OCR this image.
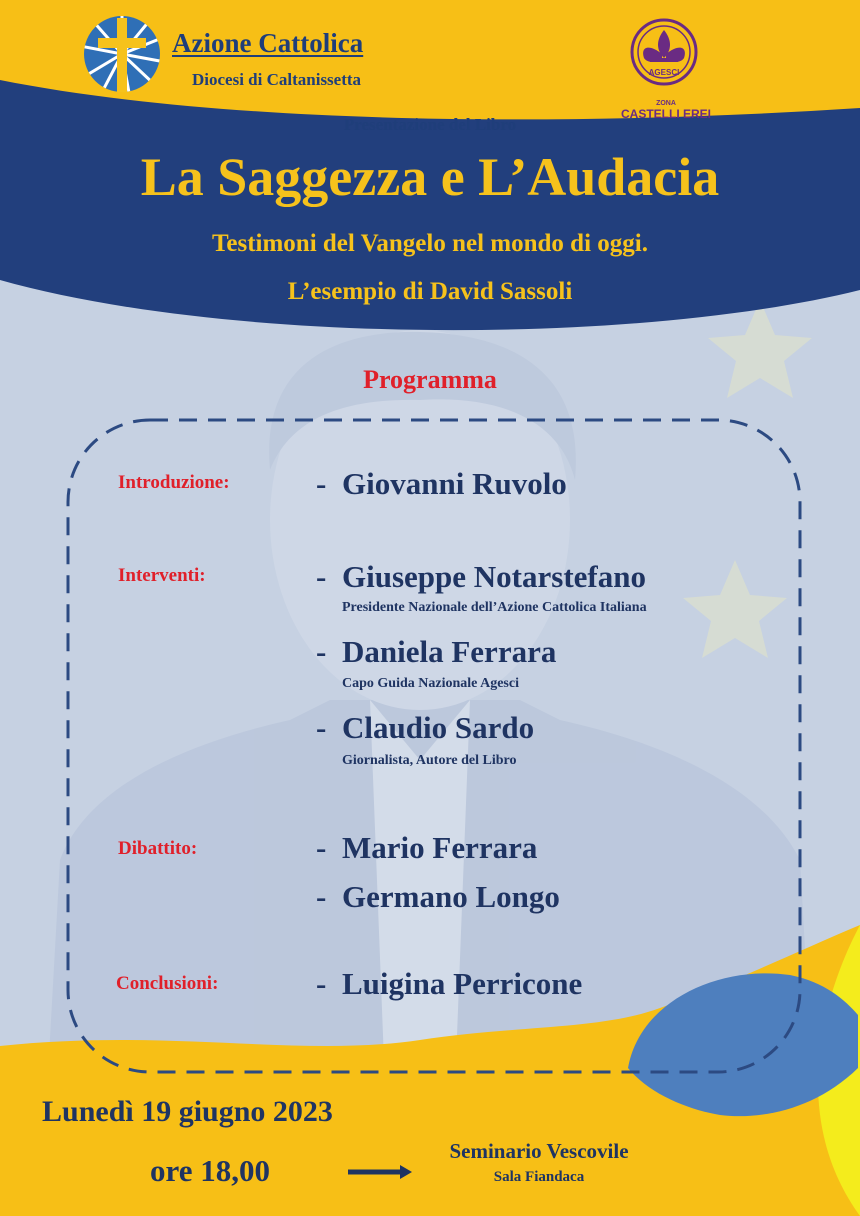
AGESCI
Azione Cattolica
Diocesi di Caltanissetta
ZONA
CASTELLI EREI
Presentazione del Libro
La Saggezza e L’Audacia
Testimoni del Vangelo nel mondo di oggi.
L’esempio di David Sassoli
Programma
Introduzione:	- Giovanni Ruvolo
Interventi:	- Giuseppe Notarstefano
Presidente Nazionale dell’Azione Cattolica Italiana
- Daniela Ferrara
Capo Guida Nazionale Agesci
- Claudio Sardo
Giornalista, Autore del Libro
Dibattito:	- Mario Ferrara
- Germano Longo
Conclusioni:	- Luigina Perricone
Lunedì 19 giugno 2023
ore 18,00
Seminario Vescovile
Sala Fiandaca
